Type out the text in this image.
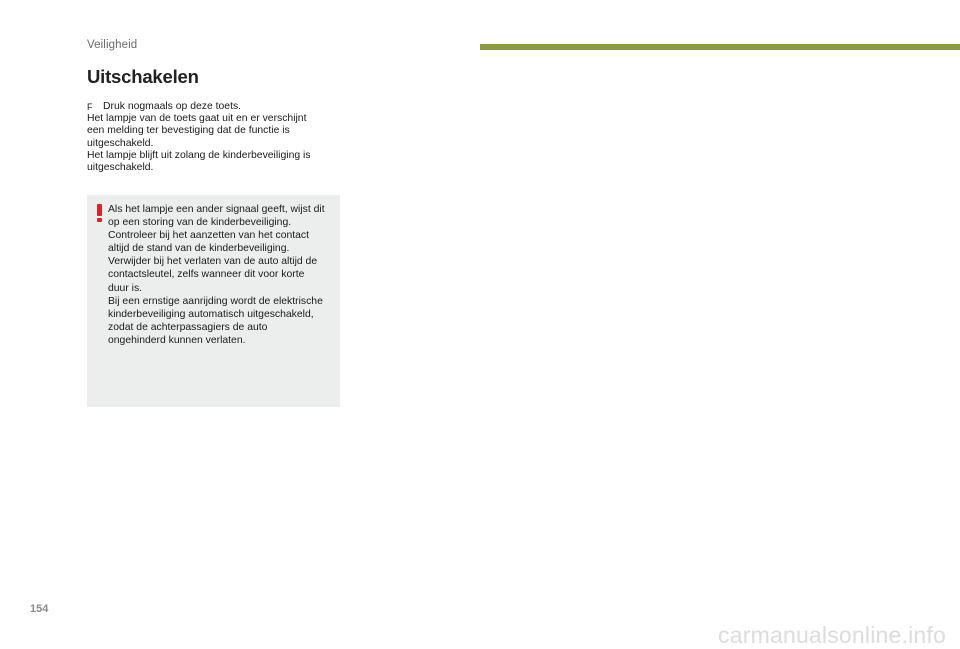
Veiligheid
Uitschakelen
F	Druk nogmaals op deze toets.

Het lampje van de toets gaat uit en er verschijnt
een melding ter bevestiging dat de functie is
uitgeschakeld.

Het lampje blijft uit zolang de kinderbeveiliging is
uitgeschakeld.

Als het lampje een ander signaal geeft, wijst dit
op een storing van de kinderbeveiliging.
Controleer bij het aanzetten van het contact
altijd de stand van de kinderbeveiliging.
Verwijder bij het verlaten van de auto altijd de
contactsleutel, zelfs wanneer dit voor korte
duur is.
Bij een ernstige aanrijding wordt de elektrische
kinderbeveiliging automatisch uitgeschakeld,
zodat de achterpassagiers de auto
ongehinderd kunnen verlaten.

154
carmanualsonline.info
